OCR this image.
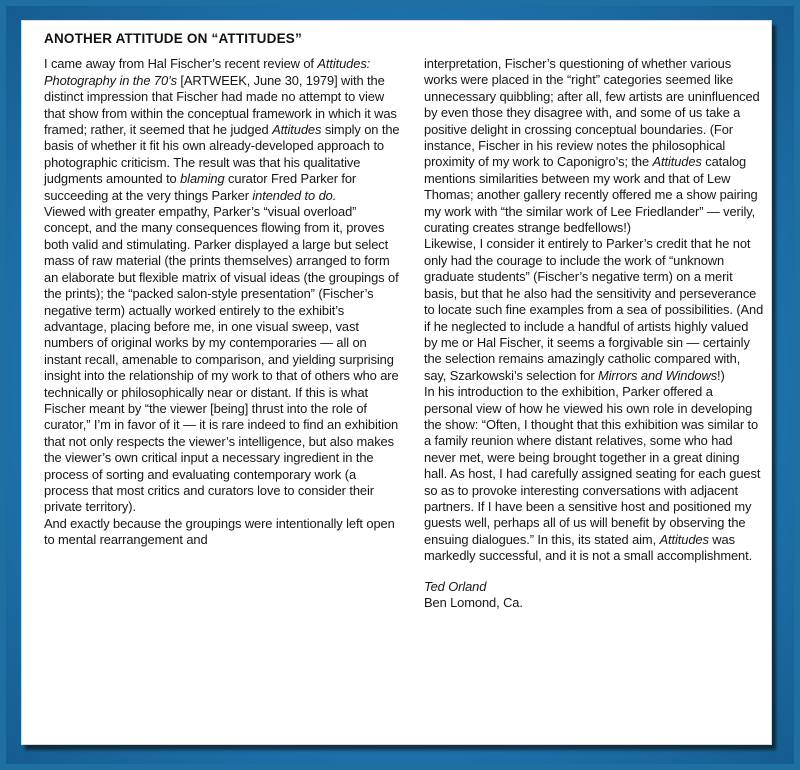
ANOTHER ATTITUDE ON “ATTITUDES”

I came away from Hal Fischer’s recent review of Attitudes: Photography in the 70’s [ARTWEEK, June 30, 1979] with the distinct impression that Fischer had made no attempt to view that show from within the conceptual framework in which it was framed; rather, it seemed that he judged Attitudes simply on the basis of whether it fit his own already-developed approach to photographic criticism. The result was that his qualitative judgments amounted to blaming curator Fred Parker for succeeding at the very things Parker intended to do.

Viewed with greater empathy, Parker’s “visual overload” concept, and the many consequences flowing from it, proves both valid and stimulating. Parker displayed a large but select mass of raw material (the prints themselves) arranged to form an elaborate but flexible matrix of visual ideas (the groupings of the prints); the “packed salon-style presentation” (Fischer’s negative term) actually worked entirely to the exhibit’s advantage, placing before me, in one visual sweep, vast numbers of original works by my contemporaries — all on instant recall, amenable to comparison, and yielding surprising insight into the relationship of my work to that of others who are technically or philosophically near or distant. If this is what Fischer meant by “the viewer [being] thrust into the role of curator,” I’m in favor of it — it is rare indeed to find an exhibition that not only respects the viewer’s intelligence, but also makes the viewer’s own critical input a necessary ingredient in the process of sorting and evaluating contemporary work (a process that most critics and curators love to consider their private territory).

And exactly because the groupings were intentionally left open to mental rearrangement and

interpretation, Fischer’s questioning of whether various works were placed in the “right” categories seemed like unnecessary quibbling; after all, few artists are uninfluenced by even those they disagree with, and some of us take a positive delight in crossing conceptual boundaries. (For instance, Fischer in his review notes the philosophical proximity of my work to Caponigro’s; the Attitudes catalog mentions similarities between my work and that of Lew Thomas; another gallery recently offered me a show pairing my work with “the similar work of Lee Friedlander” — verily, curating creates strange bedfellows!)

Likewise, I consider it entirely to Parker’s credit that he not only had the courage to include the work of “unknown graduate students” (Fischer’s negative term) on a merit basis, but that he also had the sensitivity and perseverance to locate such fine examples from a sea of possibilities. (And if he neglected to include a handful of artists highly valued by me or Hal Fischer, it seems a forgivable sin — certainly the selection remains amazingly catholic compared with, say, Szarkowski’s selection for Mirrors and Windows!)

In his introduction to the exhibition, Parker offered a personal view of how he viewed his own role in developing the show: “Often, I thought that this exhibition was similar to a family reunion where distant relatives, some who had never met, were being brought together in a great dining hall. As host, I had carefully assigned seating for each guest so as to provoke interesting conversations with adjacent partners. If I have been a sensitive host and positioned my guests well, perhaps all of us will benefit by observing the ensuing dialogues.” In this, its stated aim, Attitudes was markedly successful, and it is not a small accomplishment.

Ted Orland

Ben Lomond, Ca.
